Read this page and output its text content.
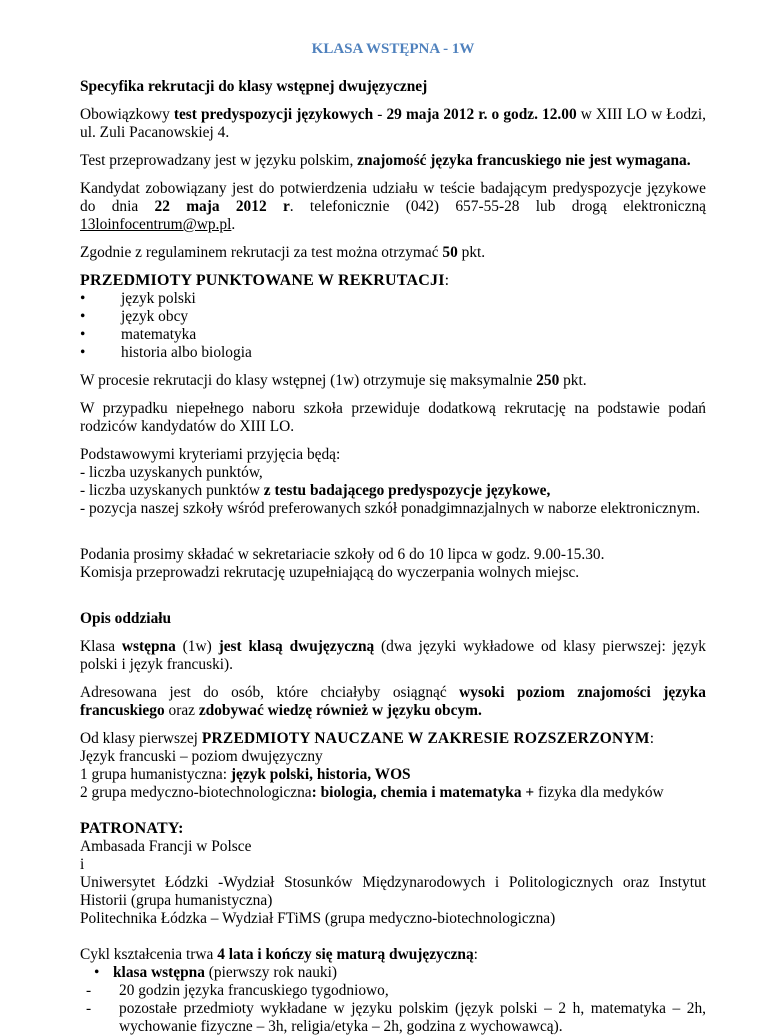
KLASA WSTĘPNA - 1W

Specyfika rekrutacji do klasy wstępnej dwujęzycznej

Obowiązkowy test predyspozycji językowych - 29 maja 2012 r. o godz. 12.00 w XIII LO w Łodzi, ul. Zuli Pacanowskiej 4.

Test przeprowadzany jest w języku polskim, znajomość języka francuskiego nie jest wymagana.

Kandydat zobowiązany jest do potwierdzenia udziału w teście badającym predyspozycje językowe do dnia 22 maja 2012 r. telefonicznie (042) 657-55-28 lub drogą elektroniczną 13loinfocentrum@wp.pl.

Zgodnie z regulaminem rekrutacji za test można otrzymać 50 pkt.

PRZEDMIOTY PUNKTOWANE W REKRUTACJI:
• język polski
• język obcy
• matematyka
• historia albo biologia

W procesie rekrutacji do klasy wstępnej (1w) otrzymuje się maksymalnie 250 pkt.

W przypadku niepełnego naboru szkoła przewiduje dodatkową rekrutację na podstawie podań rodziców kandydatów do XIII LO.

Podstawowymi kryteriami przyjęcia będą:
- liczba uzyskanych punktów,
- liczba uzyskanych punktów z testu badającego predyspozycje językowe,
- pozycja naszej szkoły wśród preferowanych szkół ponadgimnazjalnych w naborze elektronicznym.
Podania prosimy składać w sekretariacie szkoły od 6 do 10 lipca w godz. 9.00-15.30.
Komisja przeprowadzi rekrutację uzupełniającą do wyczerpania wolnych miejsc.

Opis oddziału

Klasa wstępna (1w) jest klasą dwujęzyczną (dwa języki wykładowe od klasy pierwszej: język polski i język francuski).

Adresowana jest do osób, które chciałyby osiągnąć wysoki poziom znajomości języka francuskiego oraz zdobywać wiedzę również w języku obcym.

Od klasy pierwszej PRZEDMIOTY NAUCZANE W ZAKRESIE ROZSZERZONYM:
Język francuski – poziom dwujęzyczny
1 grupa humanistyczna: język polski, historia, WOS
2 grupa medyczno-biotechnologiczna: biologia, chemia i matematyka + fizyka dla medyków
PATRONATY:
Ambasada Francji w Polsce
i
Uniwersytet Łódzki -Wydział Stosunków Międzynarodowych i Politologicznych oraz Instytut Historii (grupa humanistyczna)
Politechnika Łódzka – Wydział FTiMS (grupa medyczno-biotechnologiczna)
Cykl kształcenia trwa 4 lata i kończy się maturą dwujęzyczną:
• klasa wstępna (pierwszy rok nauki)
- 20 godzin języka francuskiego tygodniowo,
- pozostałe przedmioty wykładane w języku polskim (język polski – 2 h, matematyka – 2h, wychowanie fizyczne – 3h, religia/etyka – 2h, godzina z wychowawcą).
